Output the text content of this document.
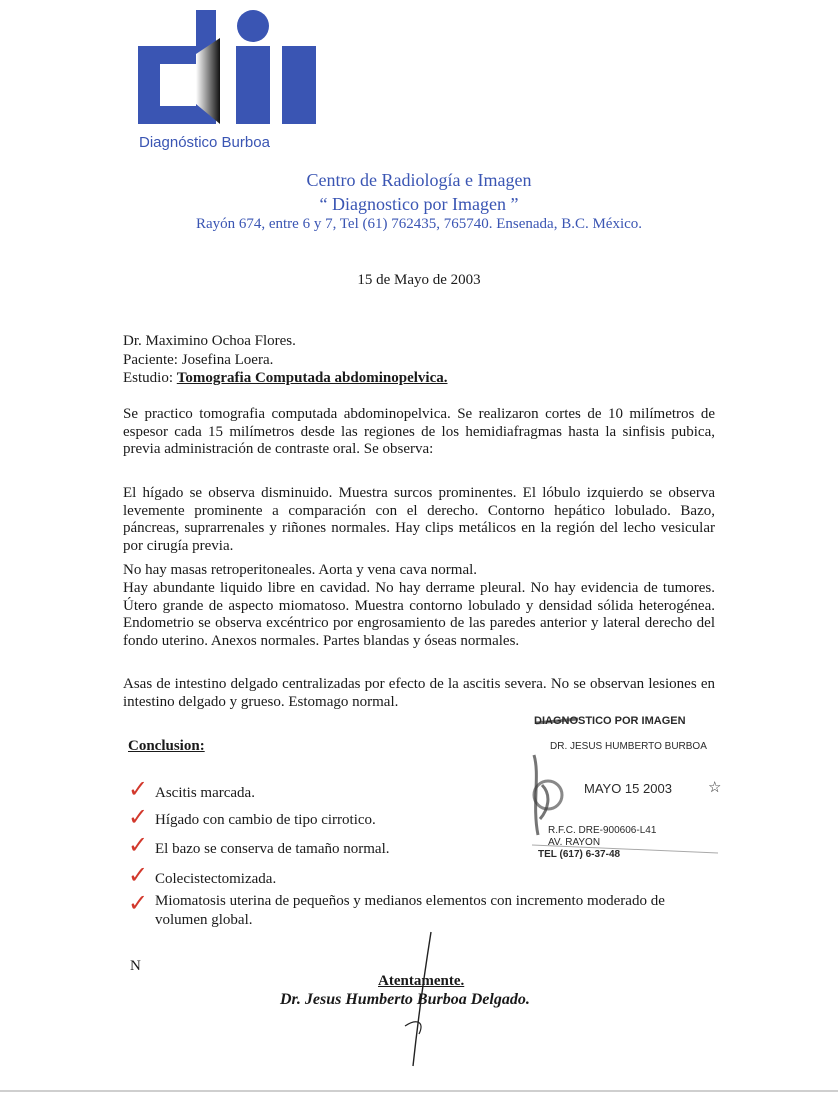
Diagnóstico Burboa
Centro de Radiología e Imagen
“ Diagnostico por Imagen ”
Rayón 674, entre 6 y 7, Tel (61) 762435, 765740. Ensenada, B.C. México.
15 de Mayo de 2003
Dr. Maximino Ochoa Flores.
Paciente: Josefina Loera.
Estudio: Tomografia Computada abdominopelvica.
Se practico tomografia computada abdominopelvica. Se realizaron cortes de 10 milímetros de espesor cada 15 milímetros desde las regiones de los hemidiafragmas hasta la sinfisis pubica, previa administración de contraste oral. Se observa:
El hígado se observa disminuido. Muestra surcos prominentes. El lóbulo izquierdo se observa levemente prominente a comparación con el derecho. Contorno hepático lobulado. Bazo, páncreas, suprarrenales y riñones normales. Hay clips metálicos en la región del lecho vesicular por cirugía previa.
No hay masas retroperitoneales. Aorta y vena cava normal.
Hay abundante liquido libre en cavidad. No hay derrame pleural. No hay evidencia de tumores. Útero grande de aspecto miomatoso. Muestra contorno lobulado y densidad sólida heterogénea. Endometrio se observa excéntrico por engrosamiento de las paredes anterior y lateral derecho del fondo uterino. Anexos normales. Partes blandas y óseas normales.
Asas de intestino delgado centralizadas por efecto de la ascitis severa. No se observan lesiones en intestino delgado y grueso. Estomago normal.
Conclusion:
✓ Ascitis marcada.
✓ Hígado con cambio de tipo cirrotico.
✓ El bazo se conserva de tamaño normal.
✓ Colecistectomizada.
✓ Miomatosis uterina de pequeños y medianos elementos con incremento moderado de volumen global.
N
DIAGNOSTICO POR IMAGEN
DR. JESUS HUMBERTO BURBOA
MAYO 15 2003 ☆
R.F.C. DRE-900606-L41
AV. RAYON
TEL (617) 6-37-48
Atentamente.
Dr. Jesus Humberto Burboa Delgado.
